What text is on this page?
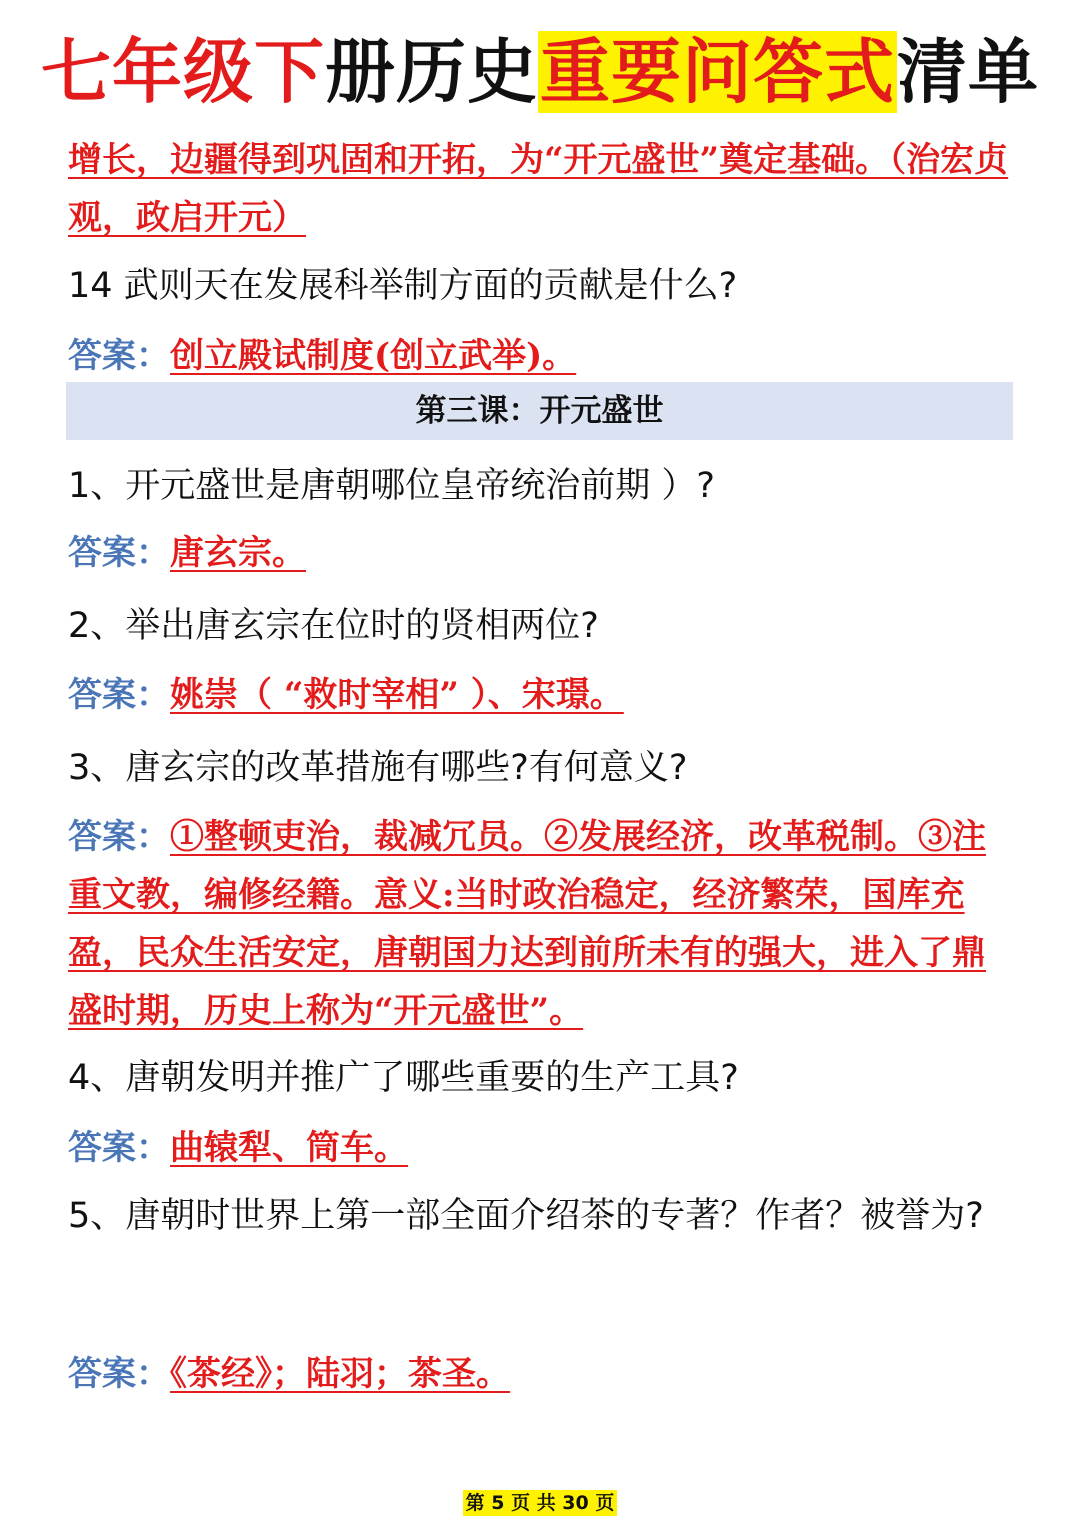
七年级下册历史重要问答式清单
增长，边疆得到巩固和开拓，为“开元盛世”奠定基础。（治宏贞观，政启开元）
14 武则天在发展科举制方面的贡献是什么?
答案：创立殿试制度(创立武举)。
第三课：开元盛世
1、开元盛世是唐朝哪位皇帝统治前期 ）?
答案：唐玄宗。
2、举出唐玄宗在位时的贤相两位?
答案：姚崇（ “救时宰相” ）、宋璟。
3、唐玄宗的改革措施有哪些?有何意义?
答案：①整顿吏治，裁减冗员。②发展经济，改革税制。③注重文教，编修经籍。意义:当时政治稳定，经济繁荣，国库充盈，民众生活安定，唐朝国力达到前所未有的强大，进入了鼎盛时期，历史上称为“开元盛世”。
4、唐朝发明并推广了哪些重要的生产工具?
答案：曲辕犁、筒车。
5、唐朝时世界上第一部全面介绍茶的专著？作者？被誉为?
答案：《茶经》；陆羽；茶圣。
第 5 页 共 30 页
